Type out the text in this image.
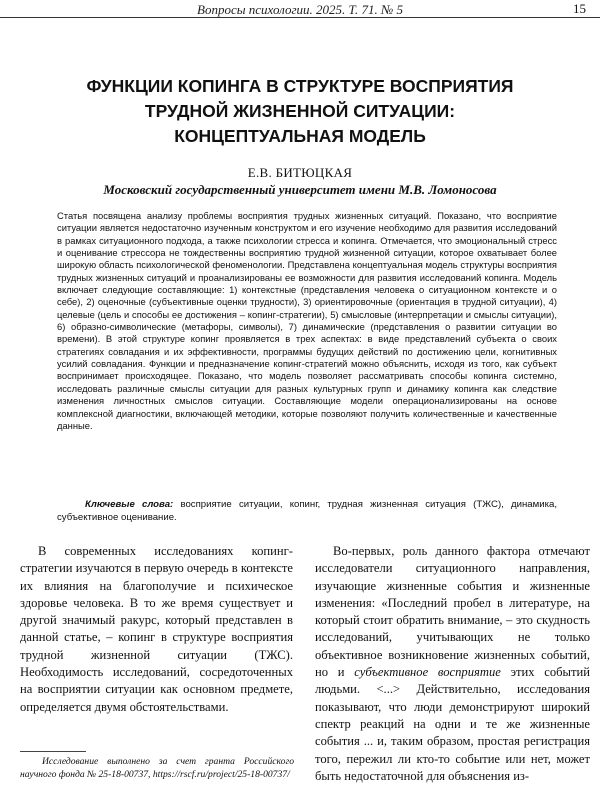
Вопросы психологии. 2025. Т. 71. № 5	15
ФУНКЦИИ КОПИНГА В СТРУКТУРЕ ВОСПРИЯТИЯ
ТРУДНОЙ ЖИЗНЕННОЙ СИТУАЦИИ:
КОНЦЕПТУАЛЬНАЯ МОДЕЛЬ
Е.В. БИТЮЦКАЯ
Московский государственный университет имени М.В. Ломоносова

Статья посвящена анализу проблемы восприятия трудных жизненных ситуаций. Показано, что восприятие ситуации является недостаточно изученным конструктом и его изучение необходимо для развития исследований в рамках ситуационного подхода, а также психологии стресса и копинга. Отмечается, что эмоциональный стресс и оценивание стрессора не тождественны восприятию трудной жизненной ситуации, которое охватывает более широкую область психологической феноменологии. Представлена концептуальная модель структуры восприятия трудных жизненных ситуаций и проанализированы ее возможности для развития исследований копинга. Модель включает следующие составляющие: 1) контекстные (представления человека о ситуационном контексте и о себе), 2) оценочные (субъективные оценки трудности), 3) ориентировочные (ориентация в трудной ситуации), 4) целевые (цель и способы ее достижения – копинг-стратегии), 5) смысловые (интерпретации и смыслы ситуации), 6) образно-символические (метафоры, символы), 7) динамические (представления о развитии ситуации во времени). В этой структуре копинг проявляется в трех аспектах: в виде представлений субъекта о своих стратегиях совладания и их эффективности, программы будущих действий по достижению цели, когнитивных усилий совладания. Функции и предназначение копинг-стратегий можно объяснить, исходя из того, как субъект воспринимает происходящее. Показано, что модель позволяет рассматривать способы копинга системно, исследовать различные смыслы ситуации для разных культурных групп и динамику копинга как следствие изменения личностных смыслов ситуации. Составляющие модели операционализированы на основе комплексной диагностики, включающей методики, которые позволяют получить количественные и качественные данные.

Ключевые слова: восприятие ситуации, копинг, трудная жизненная ситуация (ТЖС), динамика, субъективное оценивание.

В современных исследованиях копинг-стратегии изучаются в первую очередь в контексте их влияния на благополучие и психическое здоровье человека. В то же время существует и другой значимый ракурс, который представлен в данной статье, – копинг в структуре восприятия трудной жизненной ситуации (ТЖС). Необходимость исследований, сосредоточенных на восприятии ситуации как основном предмете, определяется двумя обстоятельствами.

Во-первых, роль данного фактора отмечают исследователи ситуационного направления, изучающие жизненные события и жизненные изменения: «Последний пробел в литературе, на который стоит обратить внимание, – это скудность исследований, учитывающих не только объективное возникновение жизненных событий, но и субъективное восприятие этих событий людьми. <...> Действительно, исследования показывают, что люди демонстрируют широкий спектр реакций на одни и те же жизненные события ... и, таким образом, простая регистрация того, пережил ли кто-то событие или нет, может быть недостаточной для объяснения из-

Исследование выполнено за счет гранта Российского научного фонда № 25-18-00737, https://rscf.ru/project/25-18-00737/
